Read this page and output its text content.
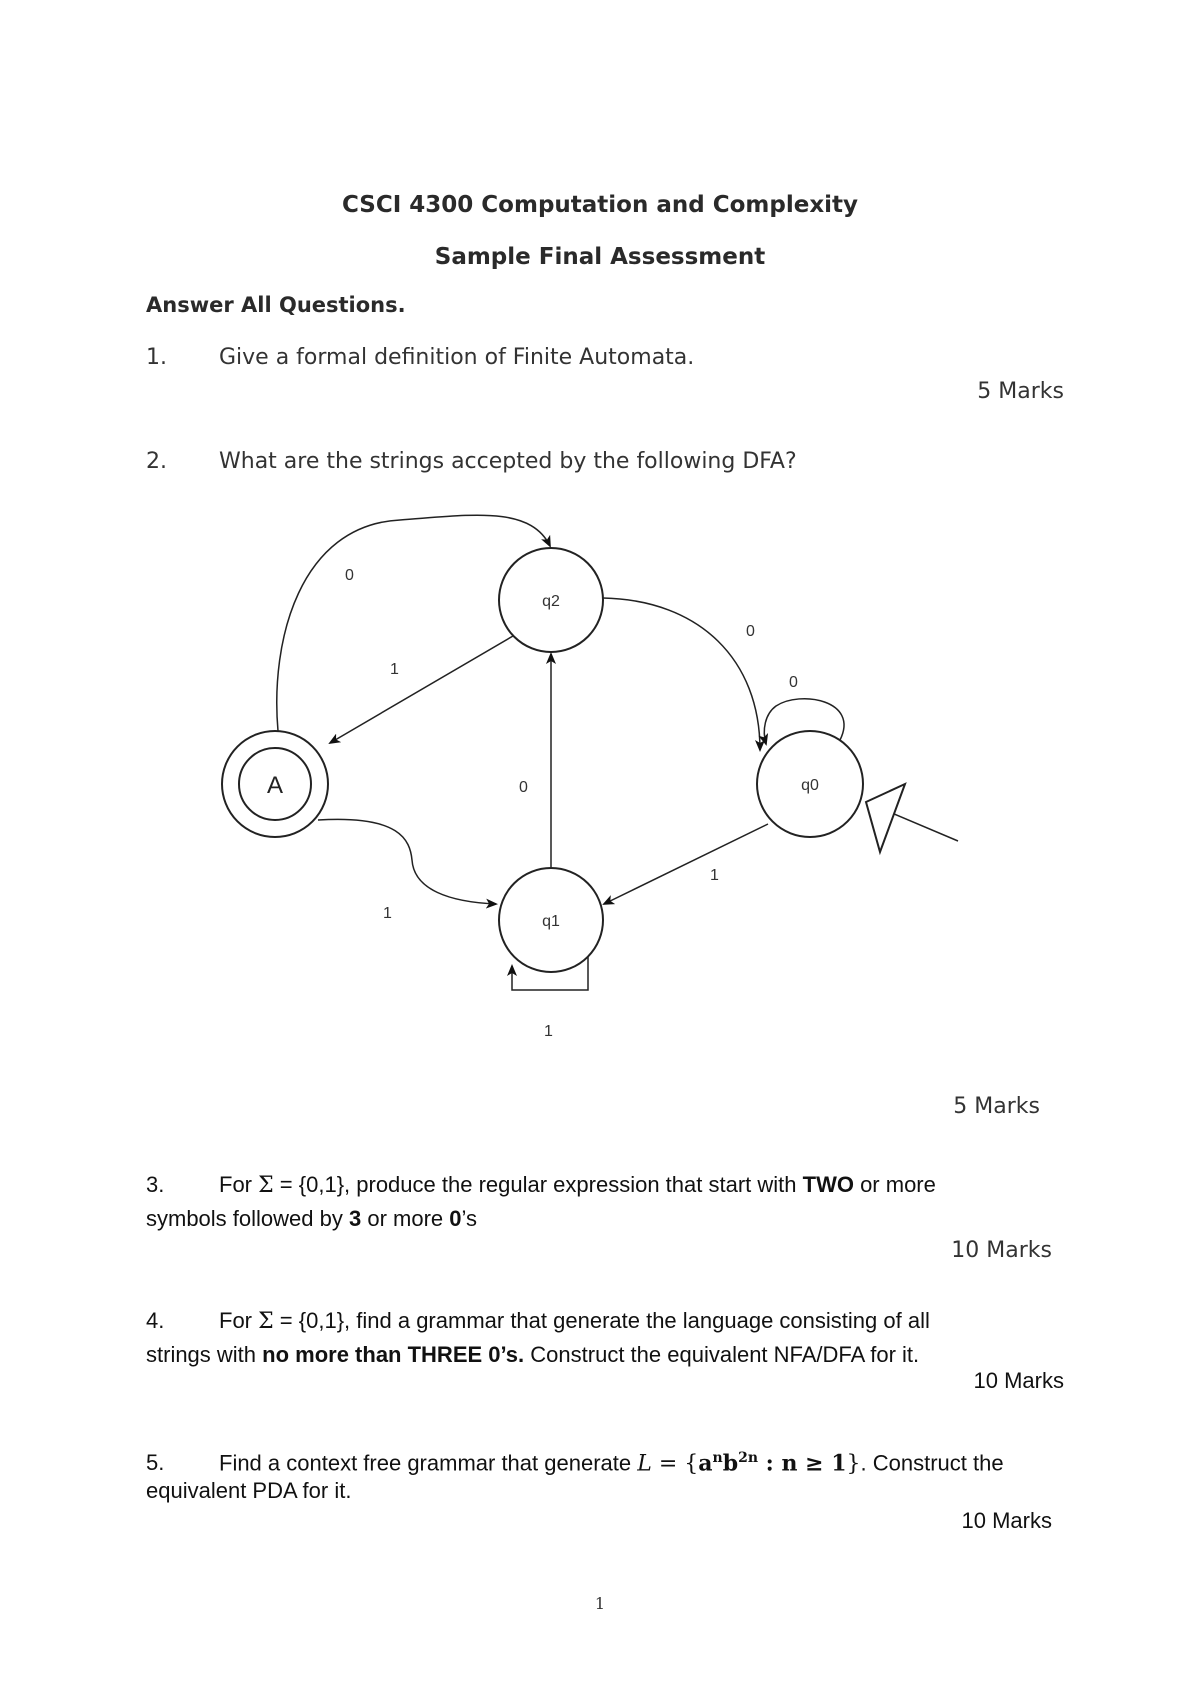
CSCI 4300 Computation and Complexity
Sample Final Assessment
Answer All Questions.
1. Give a formal definition of Finite Automata.
5 Marks
2. What are the strings accepted by the following DFA?
A
q2
q0
q1
0
1
0
0
0
1
1
1
5 Marks
3. For Σ = {0,1}, produce the regular expression that start with TWO or more
symbols followed by 3 or more 0’s
10 Marks
4. For Σ = {0,1}, find a grammar that generate the language consisting of all
strings with no more than THREE 0’s. Construct the equivalent NFA/DFA for it.
10 Marks
5. Find a context free grammar that generate $L = \{a^nb^{2n}$ : n ≥ 1}. Construct the
equivalent PDA for it.
10 Marks
1
